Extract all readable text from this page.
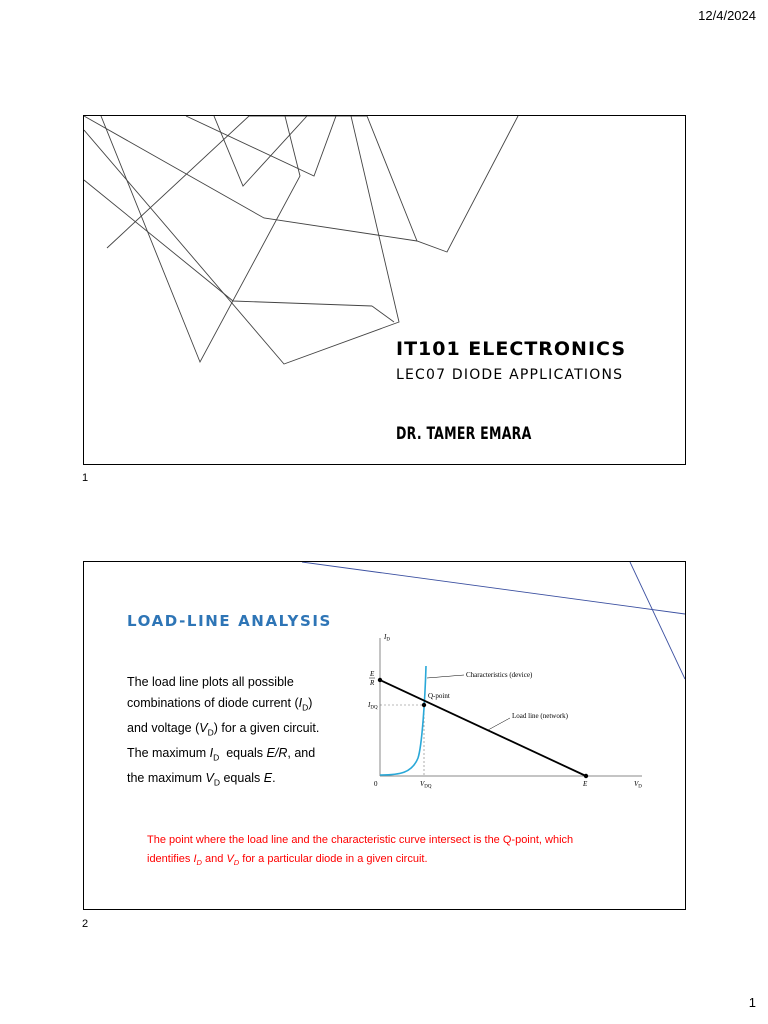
12/4/2024
IT101 ELECTRONICS
LEC07 DIODE APPLICATIONS
DR. TAMER EMARA
1
LOAD-LINE ANALYSIS
The load line plots all possible
combinations of diode current $(I_D)$
and voltage $(V_D)$ for a given circuit.
The maximum $I_D$  equals E/R, and
the maximum $V_D$ equals E.
$I_D$
E
R
$I_{DQ}$
0	$V_{DQ}$	E	$V_D$
Characteristics (device)
Q-point
Load line (network)
The point where the load line and the characteristic curve intersect is the Q-point, which
identifies $I_D$ and $V_D$ for a particular diode in a given circuit.
2
1
